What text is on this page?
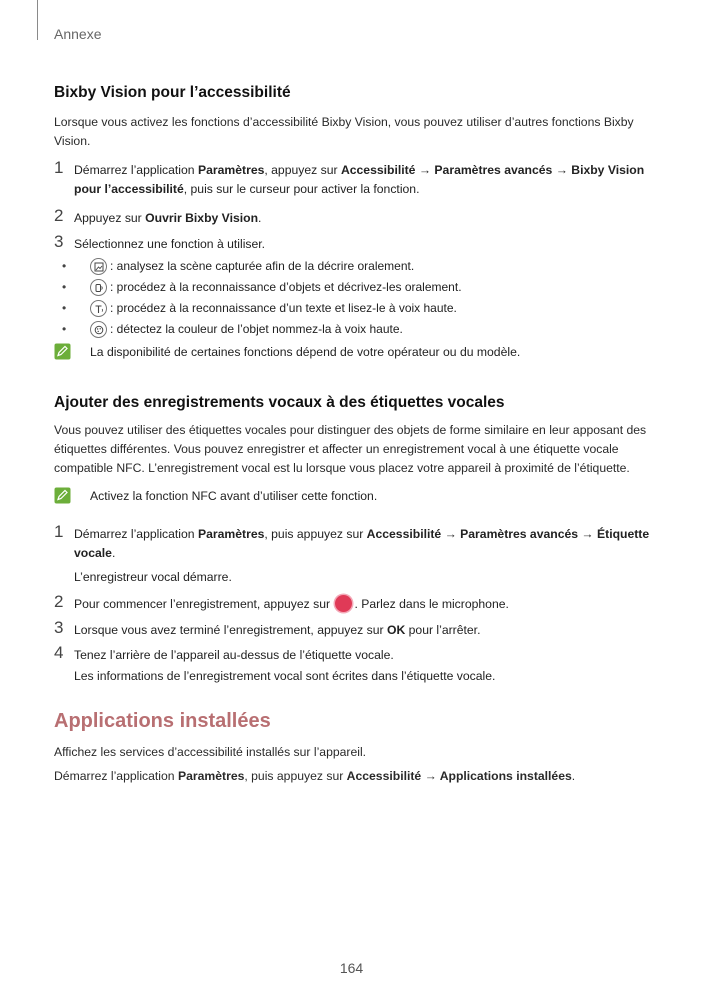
Annexe
Bixby Vision pour l’accessibilité
Lorsque vous activez les fonctions d’accessibilité Bixby Vision, vous pouvez utiliser d’autres fonctions Bixby Vision.
1 Démarrez l’application Paramètres, appuyez sur Accessibilité → Paramètres avancés → Bixby Vision pour l’accessibilité, puis sur le curseur pour activer la fonction.
2 Appuyez sur Ouvrir Bixby Vision.
3 Sélectionnez une fonction à utiliser.
•	: analysez la scène capturée afin de la décrire oralement.
•	: procédez à la reconnaissance d’objets et décrivez-les oralement.
•	: procédez à la reconnaissance d’un texte et lisez-le à voix haute.
•	: détectez la couleur de l’objet nommez-la à voix haute.
La disponibilité de certaines fonctions dépend de votre opérateur ou du modèle.
Ajouter des enregistrements vocaux à des étiquettes vocales
Vous pouvez utiliser des étiquettes vocales pour distinguer des objets de forme similaire en leur apposant des étiquettes différentes. Vous pouvez enregistrer et affecter un enregistrement vocal à une étiquette vocale compatible NFC. L’enregistrement vocal est lu lorsque vous placez votre appareil à proximité de l’étiquette.
Activez la fonction NFC avant d’utiliser cette fonction.
1 Démarrez l’application Paramètres, puis appuyez sur Accessibilité → Paramètres avancés → Étiquette vocale.
L’enregistreur vocal démarre.
2 Pour commencer l’enregistrement, appuyez sur . Parlez dans le microphone.
3 Lorsque vous avez terminé l’enregistrement, appuyez sur OK pour l’arrêter.
4 Tenez l’arrière de l’appareil au-dessus de l’étiquette vocale.
Les informations de l’enregistrement vocal sont écrites dans l’étiquette vocale.
Applications installées
Affichez les services d’accessibilité installés sur l’appareil.
Démarrez l’application Paramètres, puis appuyez sur Accessibilité → Applications installées.
164
